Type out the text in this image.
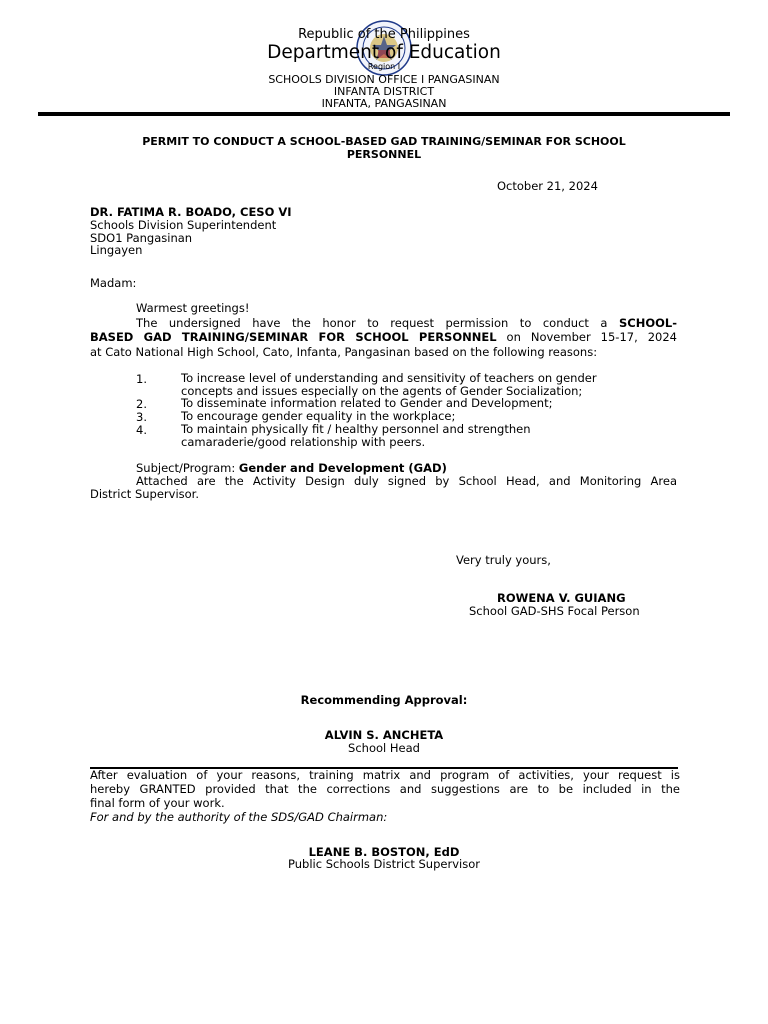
Republic of the Philippines
Department of Education
Region I
SCHOOLS DIVISION OFFICE I PANGASINAN
INFANTA DISTRICT
INFANTA, PANGASINAN
PERMIT TO CONDUCT A SCHOOL-BASED GAD TRAINING/SEMINAR FOR SCHOOL
PERSONNEL
October 21, 2024
DR. FATIMA R. BOADO, CESO VI
Schools Division Superintendent
SDO1 Pangasinan
Lingayen
Madam:
Warmest greetings!
The undersigned have the honor to request permission to conduct a SCHOOL-
BASED GAD TRAINING/SEMINAR FOR SCHOOL PERSONNEL on November 15-17, 2024
at Cato National High School, Cato, Infanta, Pangasinan based on the following reasons:
1.	To increase level of understanding and sensitivity of teachers on gender
concepts and issues especially on the agents of Gender Socialization;
2.	To disseminate information related to Gender and Development;
3.	To encourage gender equality in the workplace;
4.	To maintain physically fit / healthy personnel and strengthen
camaraderie/good relationship with peers.
Subject/Program: Gender and Development (GAD)
Attached are the Activity Design duly signed by School Head, and Monitoring Area
District Supervisor.
Very truly yours,
ROWENA V. GUIANG
School GAD-SHS Focal Person
Recommending Approval:
ALVIN S. ANCHETA
School Head
After evaluation of your reasons, training matrix and program of activities, your request is
hereby GRANTED provided that the corrections and suggestions are to be included in the
final form of your work.
For and by the authority of the SDS/GAD Chairman:
LEANE B. BOSTON, EdD
Public Schools District Supervisor
